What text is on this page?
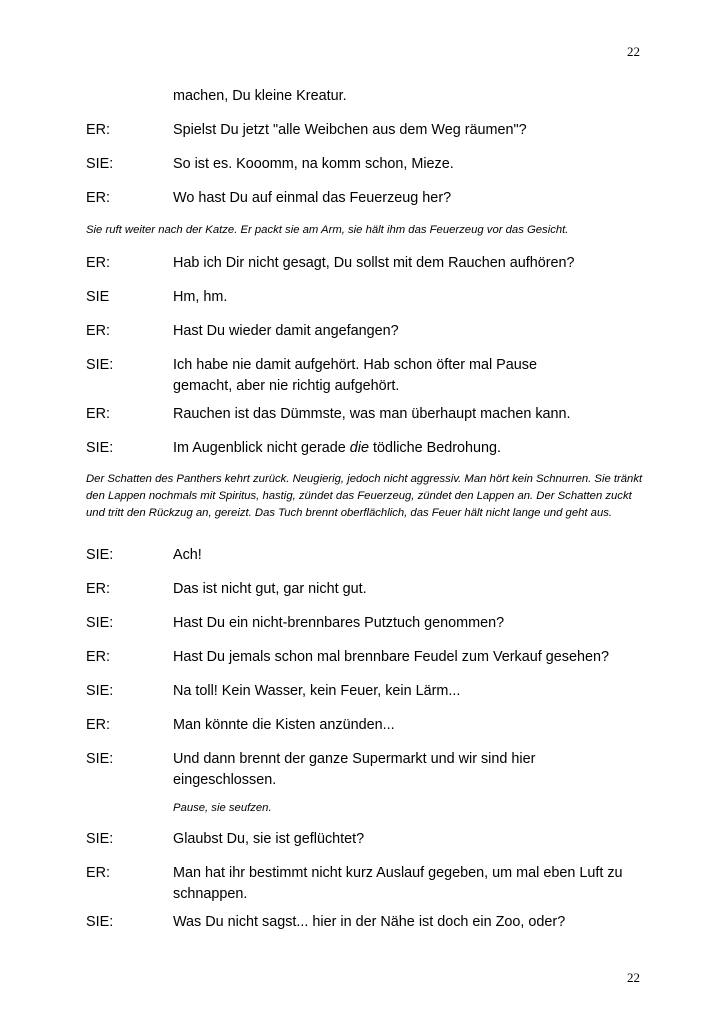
22
machen, Du kleine Kreatur.
ER:	Spielst Du jetzt "alle Weibchen aus dem Weg räumen"?
SIE:	So ist es. Kooomm, na komm schon, Mieze.
ER:	Wo hast Du auf einmal das Feuerzeug her?
Sie ruft weiter nach der Katze. Er packt sie am Arm, sie hält ihm das Feuerzeug vor das Gesicht.
ER:	Hab ich Dir nicht gesagt, Du sollst mit dem Rauchen aufhören?
SIE	Hm, hm.
ER:	Hast Du wieder damit angefangen?
SIE:	Ich habe nie damit aufgehört. Hab schon öfter mal Pause gemacht, aber nie richtig aufgehört.
ER:	Rauchen ist das Dümmste, was man überhaupt machen kann.
SIE:	Im Augenblick nicht gerade die tödliche Bedrohung.
Der Schatten des Panthers kehrt zurück. Neugierig, jedoch nicht aggressiv. Man hört kein Schnurren. Sie tränkt den Lappen nochmals mit Spiritus, hastig, zündet das Feuerzeug, zündet den Lappen an. Der Schatten zuckt und tritt den Rückzug an, gereizt. Das Tuch brennt oberflächlich, das Feuer hält nicht lange und geht aus.
SIE:	Ach!
ER:	Das ist nicht gut, gar nicht gut.
SIE:	Hast Du ein nicht-brennbares Putztuch genommen?
ER:	Hast Du jemals schon mal brennbare Feudel zum Verkauf gesehen?
SIE:	Na toll! Kein Wasser, kein Feuer, kein Lärm...
ER:	Man könnte die Kisten anzünden...
SIE:	Und dann brennt der ganze Supermarkt und wir sind hier eingeschlossen.
Pause, sie seufzen.
SIE:	Glaubst Du, sie ist geflüchtet?
ER:	Man hat ihr bestimmt nicht kurz Auslauf gegeben, um mal eben Luft zu schnappen.
SIE:	Was Du nicht sagst... hier in der Nähe ist doch ein Zoo, oder?
22
